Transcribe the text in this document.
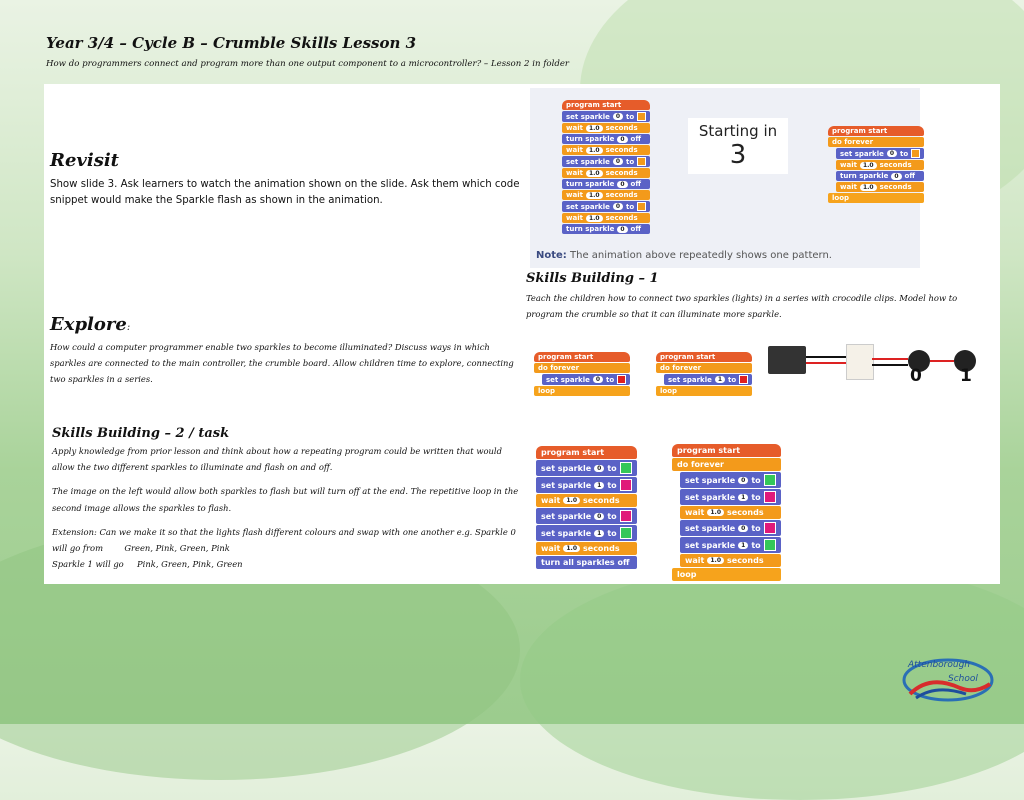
Year 3/4 – Cycle B – Crumble Skills Lesson 3

How do programmers connect and program more than one output component to a microcontroller? – Lesson 2 in folder

Revisit

Show slide 3. Ask learners to watch the animation shown on the slide. Ask them which code snippet would make the Sparkle flash as shown in the animation.

Explore:

How could a computer programmer enable two sparkles to become illuminated? Discuss ways in which sparkles are connected to the main controller, the crumble board. Allow children time to explore, connecting two sparkles in a series.

Skills Building – 2 / task

Apply knowledge from prior lesson and think about how a repeating program could be written that would allow the two different sparkles to illuminate and flash on and off.

The image on the left would allow both sparkles to flash but will turn off at the end. The repetitive loop in the second image allows the sparkles to flash.

Extension: Can we make it so that the lights flash different colours and swap with one another e.g. Sparkle 0 will go from        Green, Pink, Green, Pink

Sparkle 1 will go     Pink, Green, Pink, Green

program start
set sparkle	0 to
wait	1.0 seconds
turn sparkle	0 off
wait	1.0 seconds
set sparkle	0 to
wait	1.0 seconds
turn sparkle	0 off
wait	1.0 seconds
set sparkle	0 to
wait	1.0 seconds
turn sparkle	0 off
Starting in
3
program start
do forever
set sparkle	0 to
wait	1.0 seconds
turn sparkle	0 off
wait	1.0 seconds
loop
Note: The animation above repeatedly shows one pattern.
Skills Building – 1

Teach the children how to connect two sparkles (lights) in a series with crocodile clips. Model how to program the crumble so that it can illuminate more sparkle.

program start
do forever
set sparkle	0 to
loop
program start
do forever
set sparkle	1 to
loop
0 1
program start
set sparkle	0 to
set sparkle	1 to
wait	1.0 seconds
set sparkle	0 to
set sparkle	1 to
wait	1.0 seconds
turn all sparkles off
program start
do forever
set sparkle	0 to
set sparkle	1 to
wait	1.0 seconds
set sparkle	0 to
set sparkle	1 to
wait	1.0 seconds
loop
Attenborough
School
